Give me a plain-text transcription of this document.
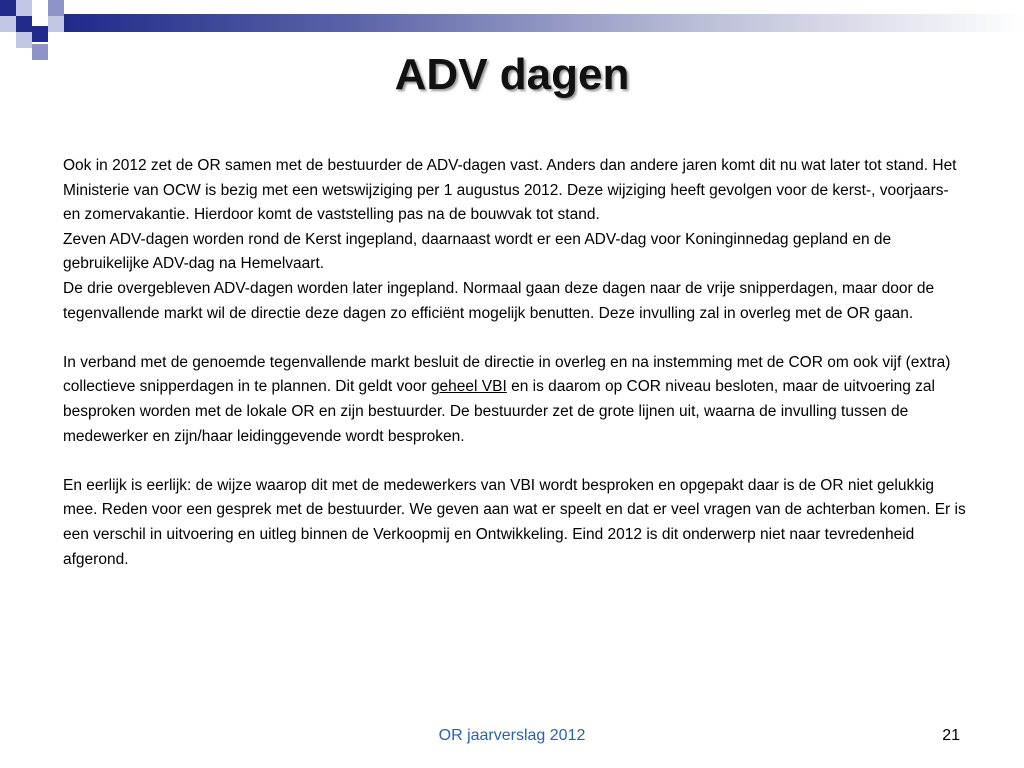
ADV dagen

Ook in 2012 zet de OR samen met de bestuurder de ADV-dagen vast. Anders dan andere jaren komt dit nu wat later tot stand. Het Ministerie van OCW is bezig met een wetswijziging per 1 augustus 2012. Deze wijziging heeft gevolgen voor de kerst-, voorjaars- en zomervakantie. Hierdoor komt de vaststelling pas na de bouwvak tot stand.

Zeven ADV-dagen worden rond de Kerst ingepland, daarnaast wordt er een ADV-dag voor Koninginnedag gepland en de gebruikelijke ADV-dag na Hemelvaart.

De drie overgebleven ADV-dagen worden later ingepland. Normaal gaan deze dagen naar de vrije snipperdagen, maar door de tegenvallende markt wil de directie deze dagen zo efficiënt mogelijk benutten. Deze invulling zal in overleg met de OR gaan.

In verband met de genoemde tegenvallende markt besluit de directie in overleg en na instemming met de COR om ook vijf (extra) collectieve snipperdagen in te plannen. Dit geldt voor geheel VBI en is daarom op COR niveau besloten, maar de uitvoering zal besproken worden met de lokale OR en zijn bestuurder. De bestuurder zet de grote lijnen uit, waarna de invulling tussen de medewerker en zijn/haar leidinggevende wordt besproken.

En eerlijk is eerlijk: de wijze waarop dit met de medewerkers van VBI wordt besproken en opgepakt daar is de OR niet gelukkig mee. Reden voor een gesprek met de bestuurder. We geven aan wat er speelt en dat er veel vragen van de achterban komen. Er is een verschil in uitvoering en uitleg binnen de Verkoopmij en Ontwikkeling. Eind 2012 is dit onderwerp niet naar tevredenheid afgerond.

OR jaarverslag 2012	21
